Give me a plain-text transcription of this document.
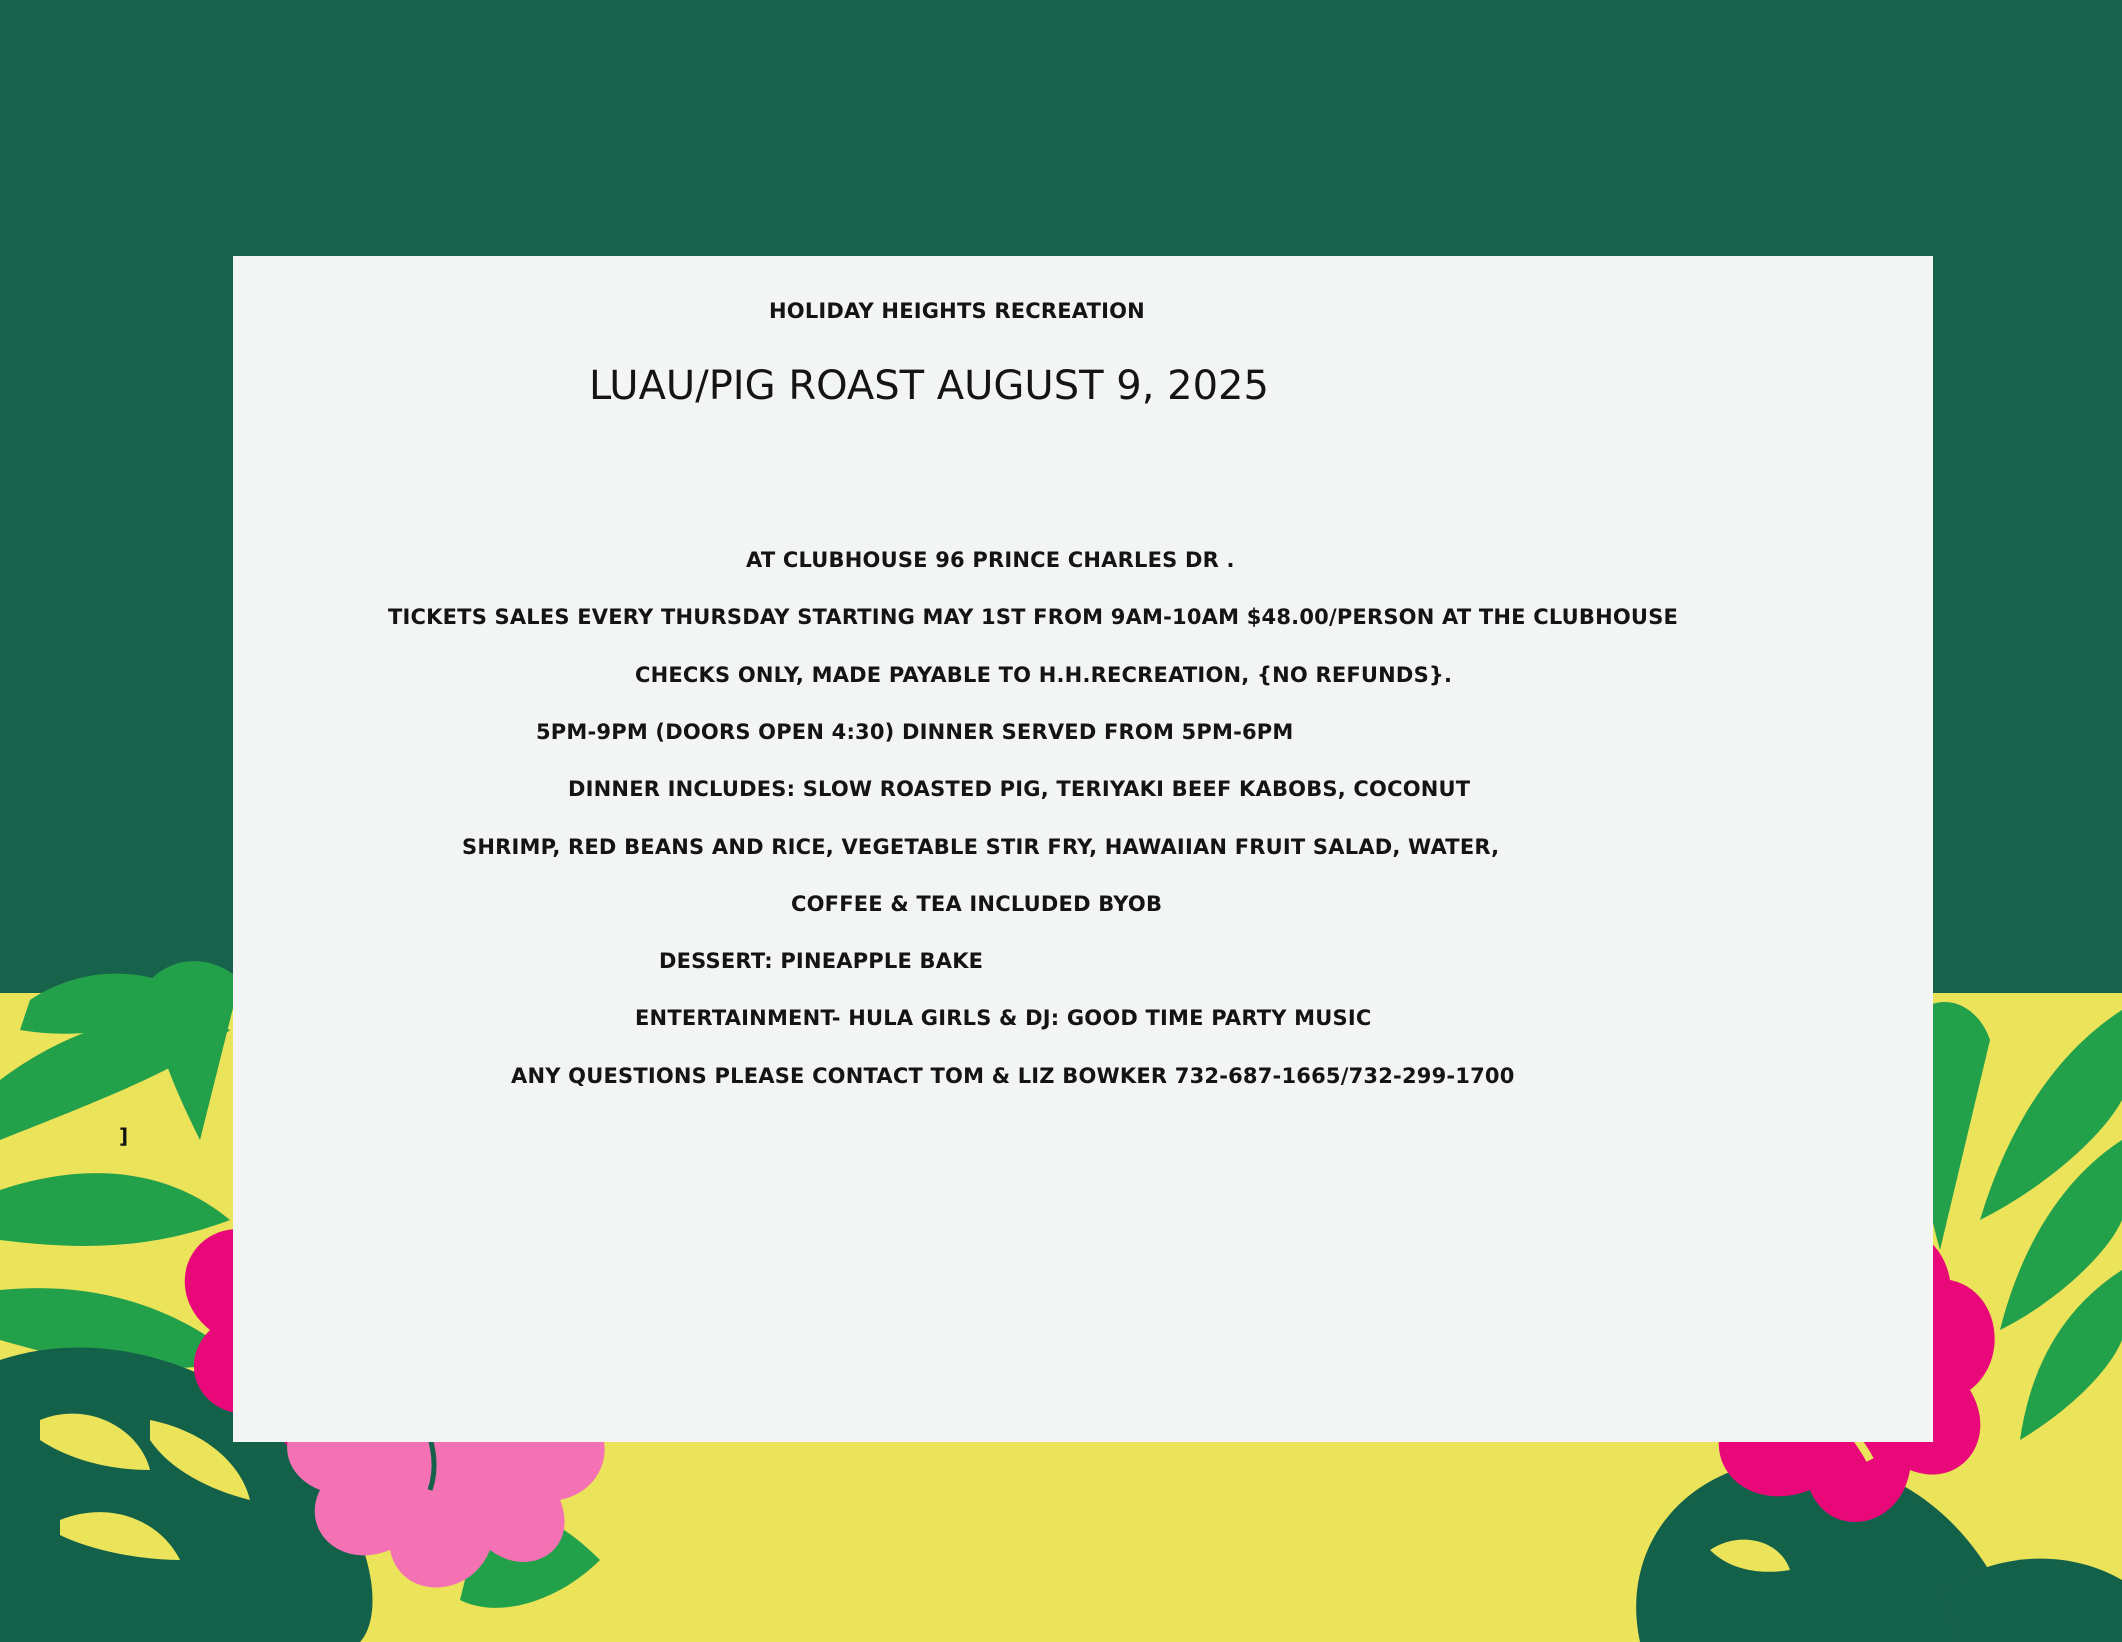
HOLIDAY HEIGHTS RECREATION
LUAU/PIG ROAST AUGUST 9, 2025
AT CLUBHOUSE 96 PRINCE CHARLES DR .
TICKETS SALES EVERY THURSDAY STARTING MAY 1ST FROM 9AM-10AM $48.00/PERSON AT THE CLUBHOUSE
CHECKS ONLY, MADE PAYABLE TO H.H.RECREATION, {NO REFUNDS}.
5PM-9PM (DOORS OPEN 4:30) DINNER SERVED FROM 5PM-6PM
DINNER INCLUDES: SLOW ROASTED PIG, TERIYAKI BEEF KABOBS, COCONUT
SHRIMP, RED BEANS AND RICE, VEGETABLE STIR FRY, HAWAIIAN FRUIT SALAD, WATER,
COFFEE & TEA INCLUDED BYOB
DESSERT: PINEAPPLE BAKE
ENTERTAINMENT- HULA GIRLS & DJ: GOOD TIME PARTY MUSIC
ANY QUESTIONS PLEASE CONTACT TOM & LIZ BOWKER 732-687-1665/732-299-1700
]
